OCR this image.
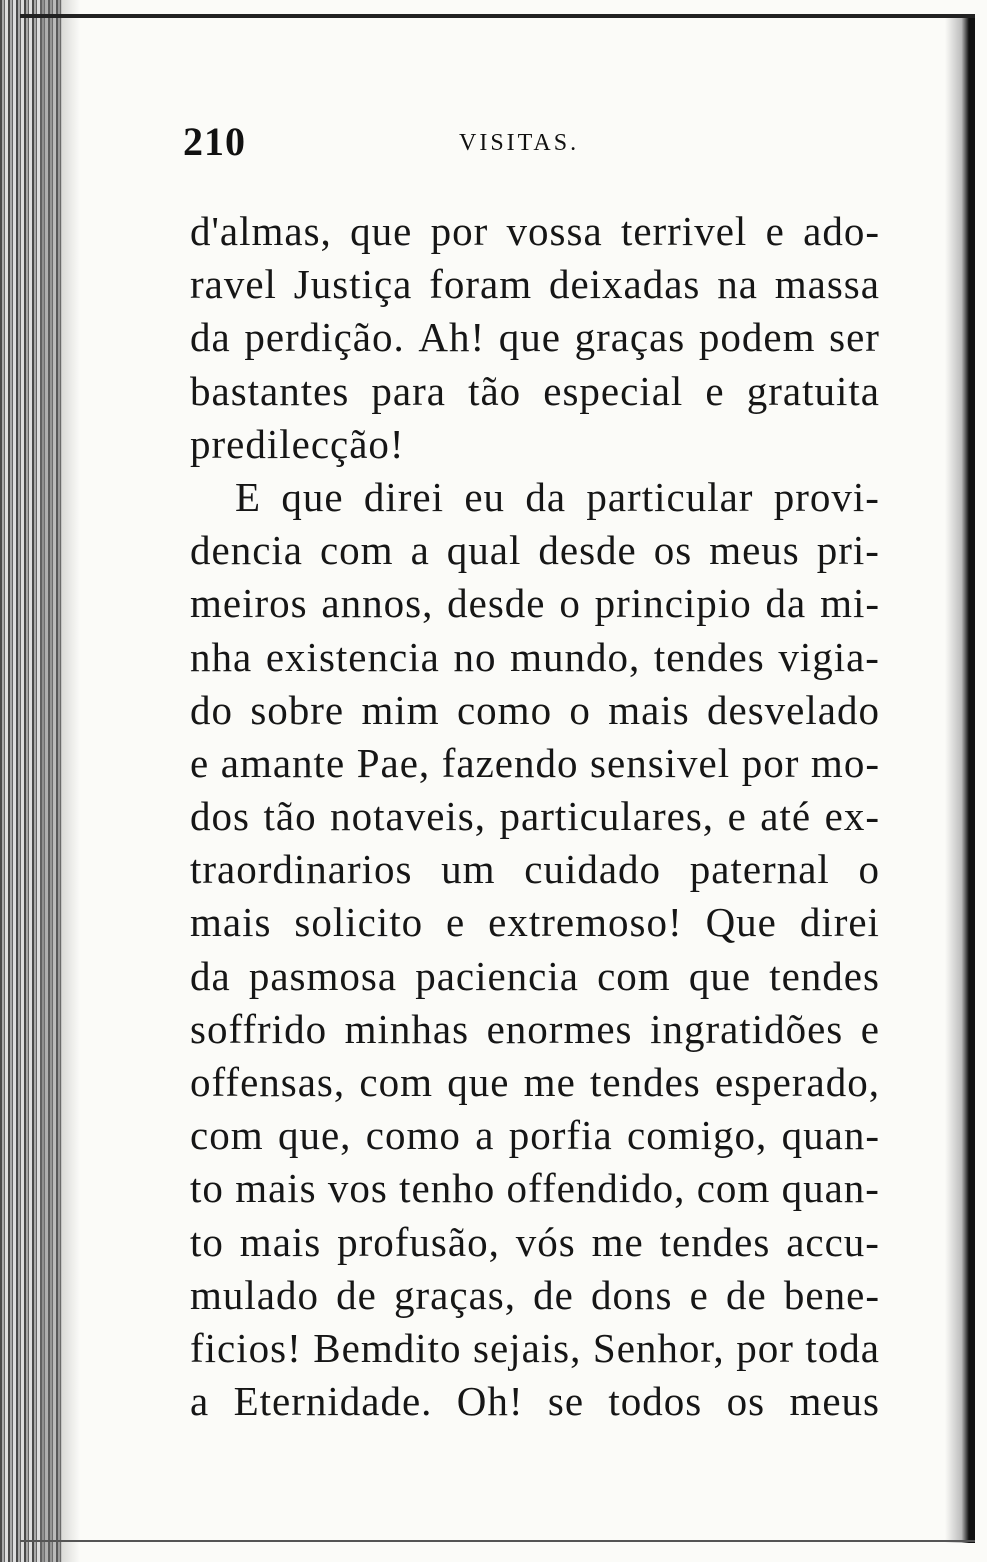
210	VISITAS.
d'almas, que por vossa terrivel e ado-
ravel Justiça foram deixadas na massa
da perdição. Ah! que graças podem ser
bastantes para tão especial e gratuita
predilecção!
E que direi eu da particular provi-
dencia com a qual desde os meus pri-
meiros annos, desde o principio da mi-
nha existencia no mundo, tendes vigia-
do sobre mim como o mais desvelado
e amante Pae, fazendo sensivel por mo-
dos tão notaveis, particulares, e até ex-
traordinarios um cuidado paternal o
mais solicito e extremoso! Que direi
da pasmosa paciencia com que tendes
soffrido minhas enormes ingratidões e
offensas, com que me tendes esperado,
com que, como a porfia comigo, quan-
to mais vos tenho offendido, com quan-
to mais profusão, vós me tendes accu-
mulado de graças, de dons e de bene-
ficios! Bemdito sejais, Senhor, por toda
a Eternidade. Oh! se todos os meus
